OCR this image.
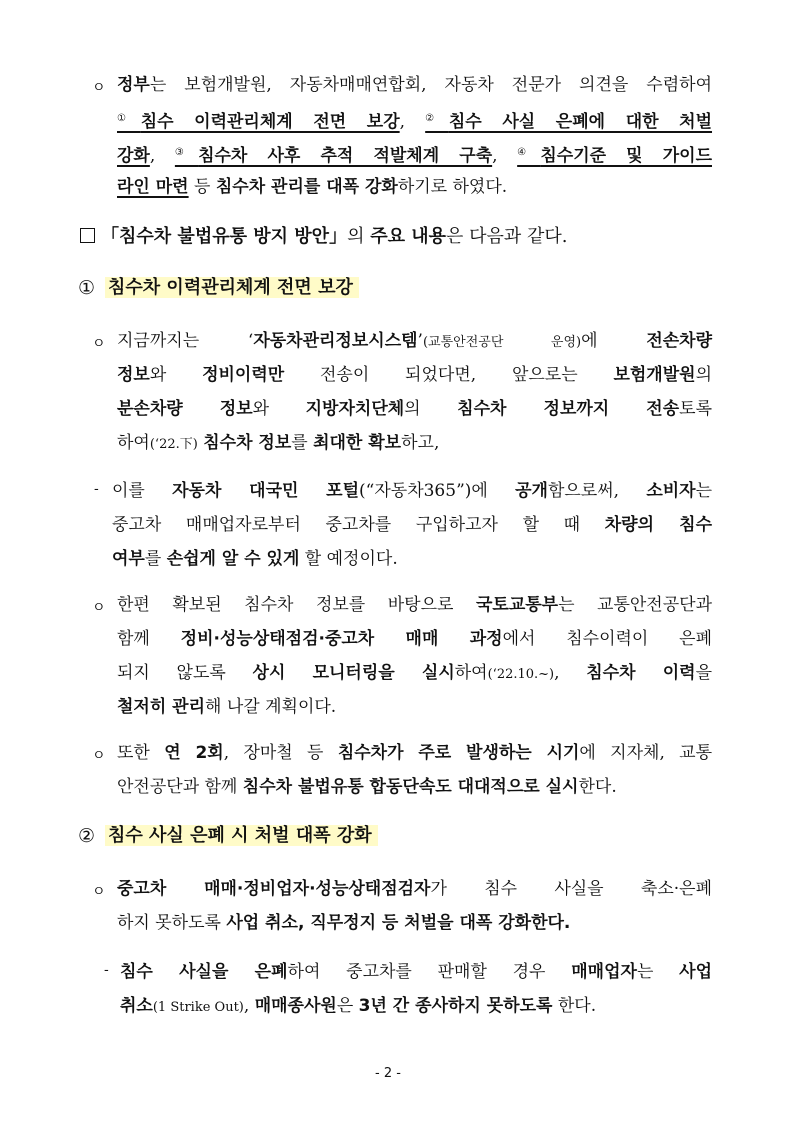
ㅇ 정부는 보험개발원, 자동차매매연합회, 자동차 전문가 의견을 수렴하여
①침수 이력관리체계 전면 보강, ②침수 사실 은폐에 대한 처벌
강화, ③침수차 사후 추적 적발체계 구축, ④침수기준 및 가이드
라인 마련 등 침수차 관리를 대폭 강화하기로 하였다.
「침수차 불법유통 방지 방안」의 주요 내용은 다음과 같다.
① 침수차 이력관리체계 전면 보강
ㅇ 지금까지는 ‘자동차관리정보시스템’(교통안전공단 운영)에 전손차량
정보와 정비이력만 전송이 되었다면, 앞으로는 보험개발원의
분손차량 정보와 지방자치단체의 침수차 정보까지 전송토록
하여(‘22.下) 침수차 정보를 최대한 확보하고,
- 이를 자동차 대국민 포털(“자동차365”)에 공개함으로써, 소비자는
중고차 매매업자로부터 중고차를 구입하고자 할 때 차량의 침수
여부를 손쉽게 알 수 있게 할 예정이다.
ㅇ 한편 확보된 침수차 정보를 바탕으로 국토교통부는 교통안전공단과
함께 정비·성능상태점검·중고차 매매 과정에서 침수이력이 은폐
되지 않도록 상시 모니터링을 실시하여(‘22.10.~), 침수차 이력을
철저히 관리해 나갈 계획이다.
ㅇ 또한 연 2회, 장마철 등 침수차가 주로 발생하는 시기에 지자체, 교통
안전공단과 함께 침수차 불법유통 합동단속도 대대적으로 실시한다.
② 침수 사실 은폐 시 처벌 대폭 강화
ㅇ 중고차 매매·정비업자·성능상태점검자가 침수 사실을 축소·은폐
하지 못하도록 사업 취소, 직무정지 등 처벌을 대폭 강화한다.
- 침수 사실을 은폐하여 중고차를 판매할 경우 매매업자는 사업
취소(1 Strike Out), 매매종사원은 3년 간 종사하지 못하도록 한다.
- 2 -
